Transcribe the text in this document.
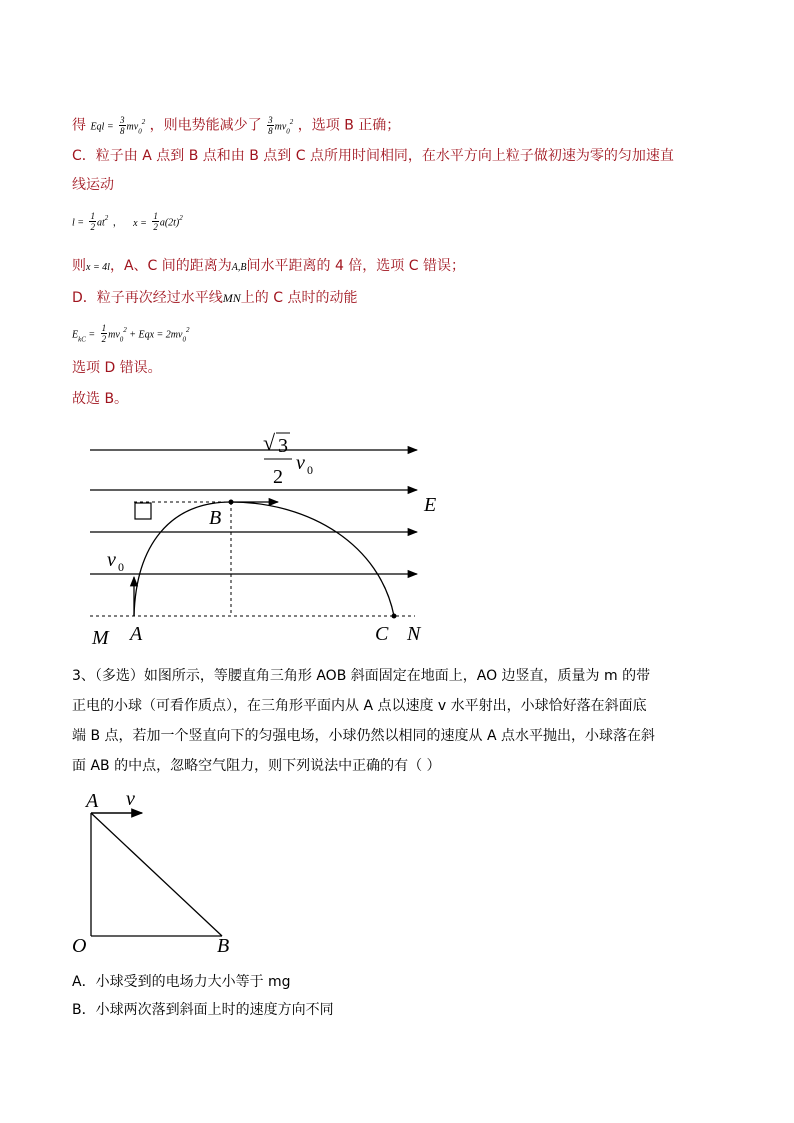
得 Eql = $\frac{3}{8} mv_0^2$ ，则电势能减少了 $\frac{3}{8} mv_0^2$ ，选项 B 正确；
C．粒子由 A 点到 B 点和由 B 点到 C 点所用时间相同，在水平方向上粒子做初速为零的匀加速直
线运动
$l = \frac{1}{2} at^2$ ， $x = \frac{1}{2} a(2t)^2$
则x = 4l，A、C 间的距离为A,B间水平距离的 4 倍，选项 C 错误；
D．粒子再次经过水平线MN上的 C 点时的动能
$E_{kC} = \frac{1}{2} mv_0^2$ + Eqx = $2mv_0^2$
选项 D 错误。
故选 B。
√ 3
2
v 0
E
B
v 0
M A	C N
3、（多选）如图所示，等腰直角三角形 AOB 斜面固定在地面上，AO 边竖直，质量为 m 的带
正电的小球（可看作质点），在三角形平面内从 A 点以速度 v 水平射出，小球恰好落在斜面底
端 B 点，若加一个竖直向下的匀强电场，小球仍然以相同的速度从 A 点水平抛出，小球落在斜
面 AB 的中点，忽略空气阻力，则下列说法中正确的有（ ）
A v
O	B
A．小球受到的电场力大小等于 mg
B．小球两次落到斜面上时的速度方向不同
